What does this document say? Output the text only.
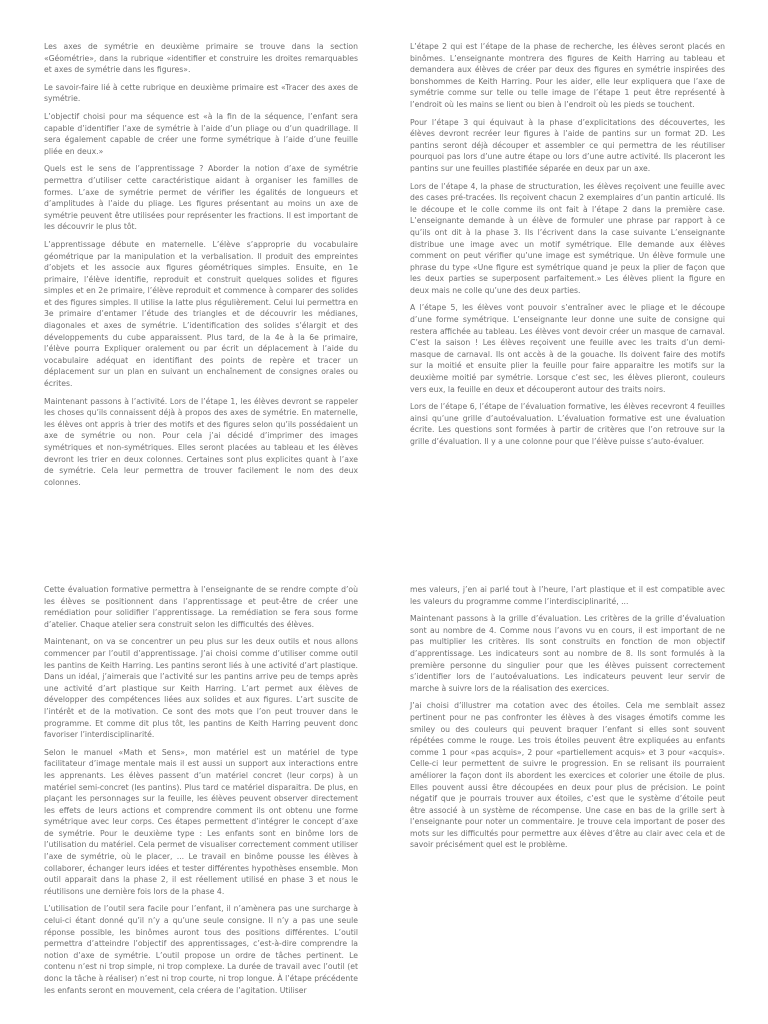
Les axes de symétrie en deuxième primaire se trouve dans la section «Géométrie», dans la rubrique «identifier et construire les droites remarquables et axes de symétrie dans les figures».

Le savoir-faire lié à cette rubrique en deuxième primaire est «Tracer des axes de symétrie.

L’objectif choisi pour ma séquence est «à la fin de la séquence, l’enfant sera capable d’identifier l’axe de symétrie à l’aide d’un pliage ou d’un quadrillage. Il sera également capable de créer une forme symétrique à l’aide d’une feuille pliée en deux.»

Quels est le sens de l’apprentissage ? Aborder la notion d’axe de symétrie permettra d’utiliser cette caractéristique aidant à organiser les familles de formes. L’axe de symétrie permet de vérifier les égalités de longueurs et d’amplitudes à l’aide du pliage. Les figures présentant au moins un axe de symétrie peuvent être utilisées pour représenter les fractions. Il est important de les découvrir le plus tôt.

L’apprentissage débute en maternelle. L’élève s’approprie du vocabulaire géométrique par la manipulation et la verbalisation. Il produit des empreintes d’objets et les associe aux figures géométriques simples. Ensuite, en 1e primaire, l’élève identifie, reproduit et construit quelques solides et figures simples et en 2e primaire, l’élève reproduit et commence à comparer des solides et des figures simples. Il utilise la latte plus régulièrement. Celui lui permettra en 3e primaire d’entamer l’étude des triangles et de découvrir les médianes, diagonales et axes de symétrie. L’identification des solides s’élargit et des développements du cube apparaissent. Plus tard, de la 4e à la 6e primaire, l’élève pourra Expliquer oralement ou par écrit un déplacement à l’aide du vocabulaire adéquat en identifiant des points de repère et tracer un déplacement sur un plan en suivant un enchaînement de consignes orales ou écrites.

Maintenant passons à l’activité. Lors de l’étape 1, les élèves devront se rappeler les choses qu’ils connaissent déjà à propos des axes de symétrie. En maternelle, les élèves ont appris à trier des motifs et des figures selon qu’ils possédaient un axe de symétrie ou non. Pour cela j’ai décidé d’imprimer des images symétriques et non-symétriques. Elles seront placées au tableau et les élèves devront les trier en deux colonnes. Certaines sont plus explicites quant à l’axe de symétrie. Cela leur permettra de trouver facilement le nom des deux colonnes.

L’étape 2 qui est l’étape de la phase de recherche, les élèves seront placés en binômes. L’enseignante montrera des figures de Keith Harring au tableau et demandera aux élèves de créer par deux des figures en symétrie inspirées des bonshommes de Keith Harring. Pour les aider, elle leur expliquera que l’axe de symétrie comme sur telle ou telle image de l’étape 1 peut être représenté à l’endroit où les mains se lient ou bien à l’endroit où les pieds se touchent.

Pour l’étape 3 qui équivaut à la phase d’explicitations des découvertes, les élèves devront recréer leur figures à l’aide de pantins sur un format 2D. Les pantins seront déjà découper et assembler ce qui permettra de les réutiliser pourquoi pas lors d’une autre étape ou lors d’une autre activité. Ils placeront les pantins sur une feuilles plastifiée séparée en deux par un axe.

Lors de l’étape 4, la phase de structuration, les élèves reçoivent une feuille avec des cases pré-tracées. Ils reçoivent chacun 2 exemplaires d’un pantin articulé. Ils le découpe et le colle comme ils ont fait à l’étape 2 dans la première case. L’enseignante demande à un élève de formuler une phrase par rapport à ce qu’ils ont dit à la phase 3. Ils l’écrivent dans la case suivante L’enseignante distribue une image avec un motif symétrique. Elle demande aux élèves comment on peut vérifier qu’une image est symétrique. Un élève formule une phrase du type «Une figure est symétrique quand je peux la plier de façon que les deux parties se superposent parfaitement.» Les élèves plient la figure en deux mais ne colle qu’une des deux parties.

A l’étape 5, les élèves vont pouvoir s’entraîner avec le pliage et le découpe d’une forme symétrique. L’enseignante leur donne une suite de consigne qui restera affichée au tableau. Les élèves vont devoir créer un masque de carnaval. C’est la saison ! Les élèves reçoivent une feuille avec les traits d’un demi-masque de carnaval. Ils ont accès à de la gouache. Ils doivent faire des motifs sur la moitié et ensuite plier la feuille pour faire apparaitre les motifs sur la deuxième moitié par symétrie. Lorsque c’est sec, les élèves plieront, couleurs vers eux, la feuille en deux et découperont autour des traits noirs.

Lors de l’étape 6, l’étape de l’évaluation formative, les élèves recevront 4 feuilles ainsi qu’une grille d’autoévaluation. L’évaluation formative est une évaluation écrite. Les questions sont formées à partir de critères que l’on retrouve sur la grille d’évaluation. Il y a une colonne pour que l’élève puisse s’auto-évaluer.

Cette évaluation formative permettra à l’enseignante de se rendre compte d’où les élèves se positionnent dans l’apprentissage et peut-être de créer une remédiation pour solidifier l’apprentissage. La remédiation se fera sous forme d’atelier. Chaque atelier sera construit selon les difficultés des élèves.

Maintenant, on va se concentrer un peu plus sur les deux outils et nous allons commencer par l’outil d’apprentissage. J’ai choisi comme d’utiliser comme outil les pantins de Keith Harring. Les pantins seront liés à une activité d’art plastique. Dans un idéal, j’aimerais que l’activité sur les pantins arrive peu de temps après une activité d’art plastique sur Keith Harring. L’art permet aux élèves de développer des compétences liées aux solides et aux figures. L’art suscite de l’intérêt et de la motivation. Ce sont des mots que l’on peut trouver dans le programme. Et comme dit plus tôt, les pantins de Keith Harring peuvent donc favoriser l’interdisciplinarité.

Selon le manuel «Math et Sens», mon matériel est un matériel de type facilitateur d’image mentale mais il est aussi un support aux interactions entre les apprenants. Les élèves passent d’un matériel concret (leur corps) à un matériel semi-concret (les pantins). Plus tard ce matériel disparaitra. De plus, en plaçant les personnages sur la feuille, les élèves peuvent observer directement les effets de leurs actions et comprendre comment ils ont obtenu une forme symétrique avec leur corps. Ces étapes permettent d’intégrer le concept d’axe de symétrie. Pour le deuxième type : Les enfants sont en binôme lors de l’utilisation du matériel. Cela permet de visualiser correctement comment utiliser l’axe de symétrie, où le placer, ... Le travail en binôme pousse les élèves à collaborer, échanger leurs idées et tester différentes hypothèses ensemble. Mon outil apparait dans la phase 2, il est réellement utilisé en phase 3 et nous le réutilisons une dernière fois lors de la phase 4.

L’utilisation de l’outil sera facile pour l’enfant, il n’amènera pas une surcharge à celui-ci étant donné qu’il n’y a qu’une seule consigne. Il n’y a pas une seule réponse possible, les binômes auront tous des positions différentes. L’outil permettra d’atteindre l’objectif des apprentissages, c’est-à-dire comprendre la notion d’axe de symétrie. L’outil propose un ordre de tâches pertinent. Le contenu n’est ni trop simple, ni trop complexe. La durée de travail avec l’outil (et donc la tâche à réaliser) n’est ni trop courte, ni trop longue. À l’étape précédente les enfants seront en mouvement, cela créera de l’agitation. Utiliser

mes valeurs, j’en ai parlé tout à l’heure, l’art plastique et il est compatible avec les valeurs du programme comme l’interdisciplinarité, ...

Maintenant passons à la grille d’évaluation. Les critères de la grille d’évaluation sont au nombre de 4. Comme nous l’avons vu en cours, il est important de ne pas multiplier les critères. Ils sont construits en fonction de mon objectif d’apprentissage. Les indicateurs sont au nombre de 8. Ils sont formulés à la première personne du singulier pour que les élèves puissent correctement s’identifier lors de l’autoévaluations. Les indicateurs peuvent leur servir de marche à suivre lors de la réalisation des exercices.

J’ai choisi d’illustrer ma cotation avec des étoiles. Cela me semblait assez pertinent pour ne pas confronter les élèves à des visages émotifs comme les smiley ou des couleurs qui peuvent braquer l’enfant si elles sont souvent répétées comme le rouge. Les trois étoiles peuvent être expliquées au enfants comme 1 pour «pas acquis», 2 pour «partiellement acquis» et 3 pour «acquis». Celle-ci leur permettent de suivre le progression. En se relisant ils pourraient améliorer la façon dont ils abordent les exercices et colorier une étoile de plus. Elles pouvent aussi être découpées en deux pour plus de précision. Le point négatif que je pourrais trouver aux étoiles, c’est que le système d’étoile peut être associé à un système de récompense. Une case en bas de la grille sert à l’enseignante pour noter un commentaire. Je trouve cela important de poser des mots sur les difficultés pour permettre aux élèves d’être au clair avec cela et de savoir précisément quel est le problème.
